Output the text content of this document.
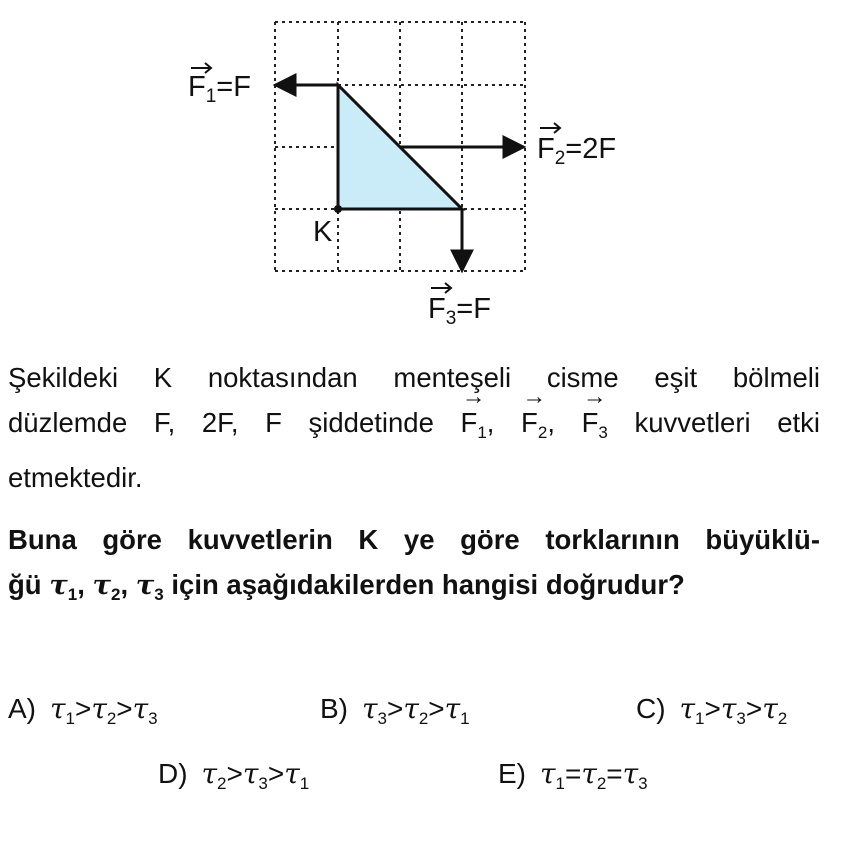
$F_1=F$
$F_2=2F$
$F_3=F$
K
Şekildeki K noktasından menteşeli cisme eşit bölmeli
düzlemde F, 2F, F şiddetinde → $F_1$, → $F_2$, → $F_3$ kuvvetleri etki
etmektedir.
Buna göre kuvvetlerin K ye göre torklarının büyüklü-
ğü $\tau_1$, $\tau_2$, $\tau_3$ için aşağıdakilerden hangisi doğrudur?
A) $\tau_1>\tau_2>\tau_3$	B) $\tau_3>\tau_2>\tau_1$	C) $\tau_1>\tau_3>\tau_2$
D) $\tau_2>\tau_3>\tau_1$	E) $\tau_1=\tau_2=\tau_3$
